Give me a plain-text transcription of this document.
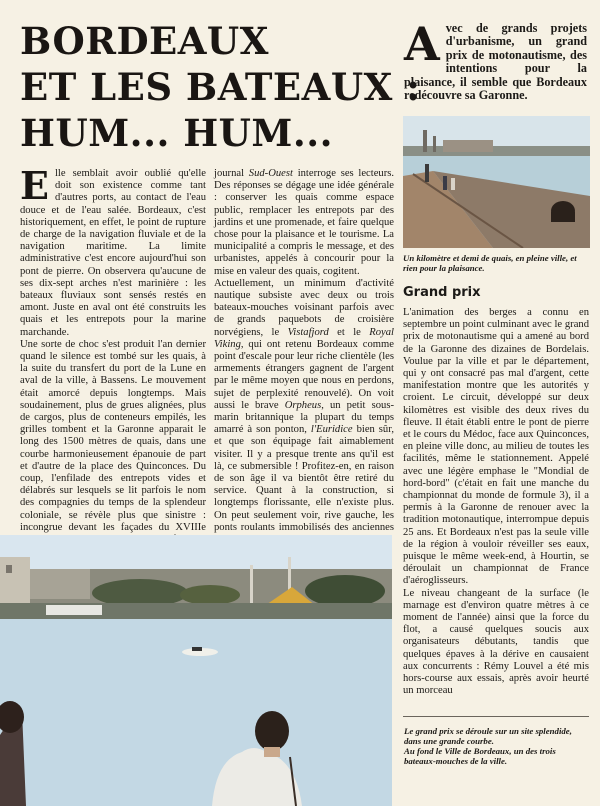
BORDEAUX
ET LES BATEAUX :
HUM... HUM...
Avec de grands projets d'urbanisme, un grand prix de motonautisme, des intentions pour la plaisance, il semble que Bordeaux redécouvre sa Garonne.

Un kilomètre et demi de quais, en pleine ville, et rien pour la plaisance.

Elle semblait avoir oublié qu'elle doit son existence comme tant d'autres ports, au contact de l'eau douce et de l'eau salée. Bordeaux, c'est historiquement, en effet, le point de rupture de charge de la navigation fluviale et de la navigation maritime. La limite administrative c'est encore aujourd'hui son pont de pierre. On observera qu'aucune de ses dix-sept arches n'est marinière : les bateaux fluviaux sont sensés restés en amont. Juste en aval ont été construits les quais et les entrepots pour la marine marchande.

Une sorte de choc s'est produit l'an dernier quand le silence est tombé sur les quais, à la suite du transfert du port de la Lune en aval de la ville, à Bassens. Le mouvement était amorcé depuis longtemps. Mais soudainement, plus de grues alignées, plus de cargos, plus de conteneurs empilés, les grilles tombent et la Garonne apparait le long des 1500 mètres de quais, dans une courbe harmonieusement épanouie de part et d'autre de la place des Quinconces. Du coup, l'enfilade des entrepots vides et délabrés sur lesquels se lit parfois le nom des compagnies du temps de la splendeur coloniale, se révèle plus que sinistre : incongrue devant les façades du XVIIIe

journal Sud-Ouest interroge ses lecteurs. Des réponses se dégage une idée générale : conserver les quais comme espace public, remplacer les entrepots par des jardins et une promenade, et faire quelque chose pour la plaisance et le tourisme. La municipalité a compris le message, et des urbanistes, appelés à concourir pour la mise en valeur des quais, cogitent.

Actuellement, un minimum d'activité nautique subsiste avec deux ou trois bateaux-mouches voisinant parfois avec de grands paquebots de croisière norvégiens, le Vistafjord et le Royal Viking, qui ont retenu Bordeaux comme point d'escale pour leur riche clientèle (les armements étrangers gagnent de l'argent par le même moyen que nous en perdons, sujet de perplexité renouvelé). On voit aussi le brave Orpheus, un petit sous-marin britannique la plupart du temps amarré à son ponton, l'Euridice bien sûr, et que son équipage fait aimablement visiter. Il y a presque trente ans qu'il est là, ce submersible ! Profitez-en, en raison de son âge il va bientôt être retiré du service. Quant à la construction, si longtemps florissante, elle n'existe plus. On peut seulement voir, rive gauche, les ponts roulants immobilisés des anciennes

Grand prix

L'animation des berges a connu en septembre un point culminant avec le grand prix de motonautisme qui a amené au bord de la Garonne des dizaines de Bordelais. Voulue par la ville et par le département, qui y ont consacré pas mal d'argent, cette manifestation montre que les autorités y croient. Le circuit, développé sur deux kilomètres est visible des deux rives du fleuve. Il était établi entre le pont de pierre et le cours du Médoc, face aux Quinconces, en pleine ville donc, au milieu de toutes les facilités, même le stationnement. Appelé avec une légère emphase le "Mondial de hord-bord" (c'était en fait une manche du championnat du monde de formule 3), il a permis à la Garonne de renouer avec la tradition motonautique, interrompue depuis 25 ans. Et Bordeaux n'est pas la seule ville de la région à vouloir réveiller ses eaux, puisque le même week-end, à Hourtin, se déroulait un championnat de France d'aéroglisseurs.

Le niveau changeant de la surface (le marnage est d'environ quatre mètres à ce moment de l'année) ainsi que la force du flot, a causé quelques soucis aux organisateurs débutants, tandis que quelques épaves à la dérive en causaient aux concurrents : Rémy Louvel a été mis hors-course aux essais, après avoir heurté un morceau

Le grand prix se déroule sur un site splendide, dans une grande courbe.
Au fond le Ville de Bordeaux, un des trois bateaux-mouches de la ville.
